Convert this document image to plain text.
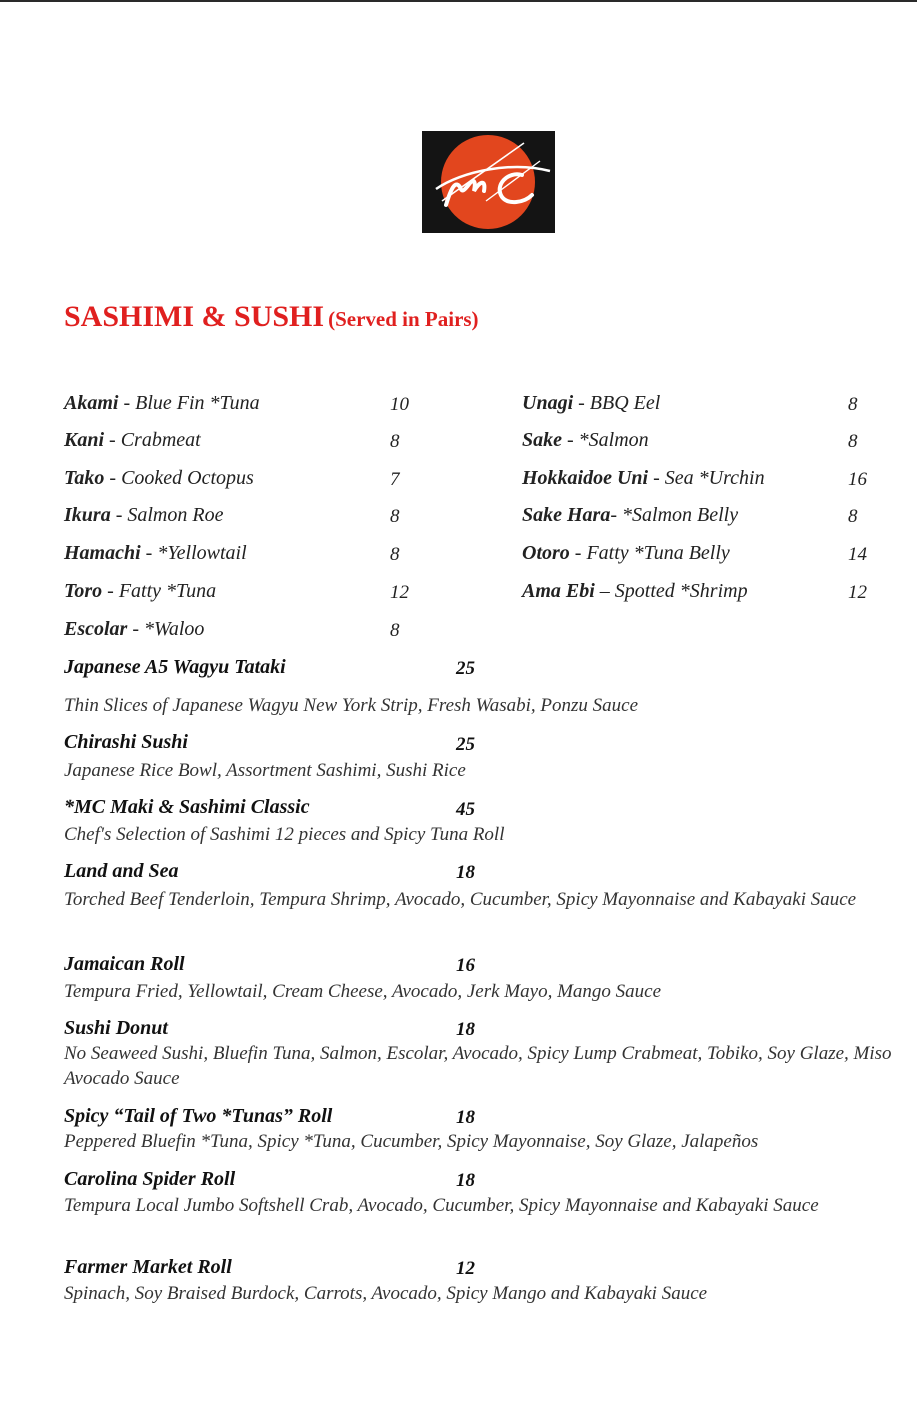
SASHIMI & SUSHI (Served in Pairs)
Akami - Blue Fin *Tuna	10
Kani - Crabmeat	8
Tako - Cooked Octopus	7
Ikura - Salmon Roe	8
Hamachi - *Yellowtail	8
Toro - Fatty *Tuna	12
Escolar - *Waloo	8
Unagi - BBQ Eel	8
Sake - *Salmon	8
Hokkaidoe Uni - Sea *Urchin	16
Sake Hara- *Salmon Belly	8
Otoro - Fatty *Tuna Belly	14
Ama Ebi – Spotted *Shrimp	12
Japanese A5 Wagyu Tataki	25
Thin Slices of Japanese Wagyu New York Strip, Fresh Wasabi, Ponzu Sauce
Chirashi Sushi	25
Japanese Rice Bowl, Assortment Sashimi, Sushi Rice
*MC Maki & Sashimi Classic	45
Chef's Selection of Sashimi 12 pieces and Spicy Tuna Roll
Land and Sea	18
Torched Beef Tenderloin, Tempura Shrimp, Avocado, Cucumber, Spicy Mayonnaise and Kabayaki Sauce
Jamaican Roll	16
Tempura Fried, Yellowtail, Cream Cheese, Avocado, Jerk Mayo, Mango Sauce
Sushi Donut	18
No Seaweed Sushi, Bluefin Tuna, Salmon, Escolar, Avocado, Spicy Lump Crabmeat, Tobiko, Soy Glaze, Miso Avocado Sauce
Spicy “Tail of Two *Tunas” Roll	18
Peppered Bluefin *Tuna, Spicy *Tuna, Cucumber, Spicy Mayonnaise, Soy Glaze, Jalapeños
Carolina Spider Roll	18
Tempura Local Jumbo Softshell Crab, Avocado, Cucumber, Spicy Mayonnaise and Kabayaki Sauce
Farmer Market Roll	12
Spinach, Soy Braised Burdock, Carrots, Avocado, Spicy Mango and Kabayaki Sauce
